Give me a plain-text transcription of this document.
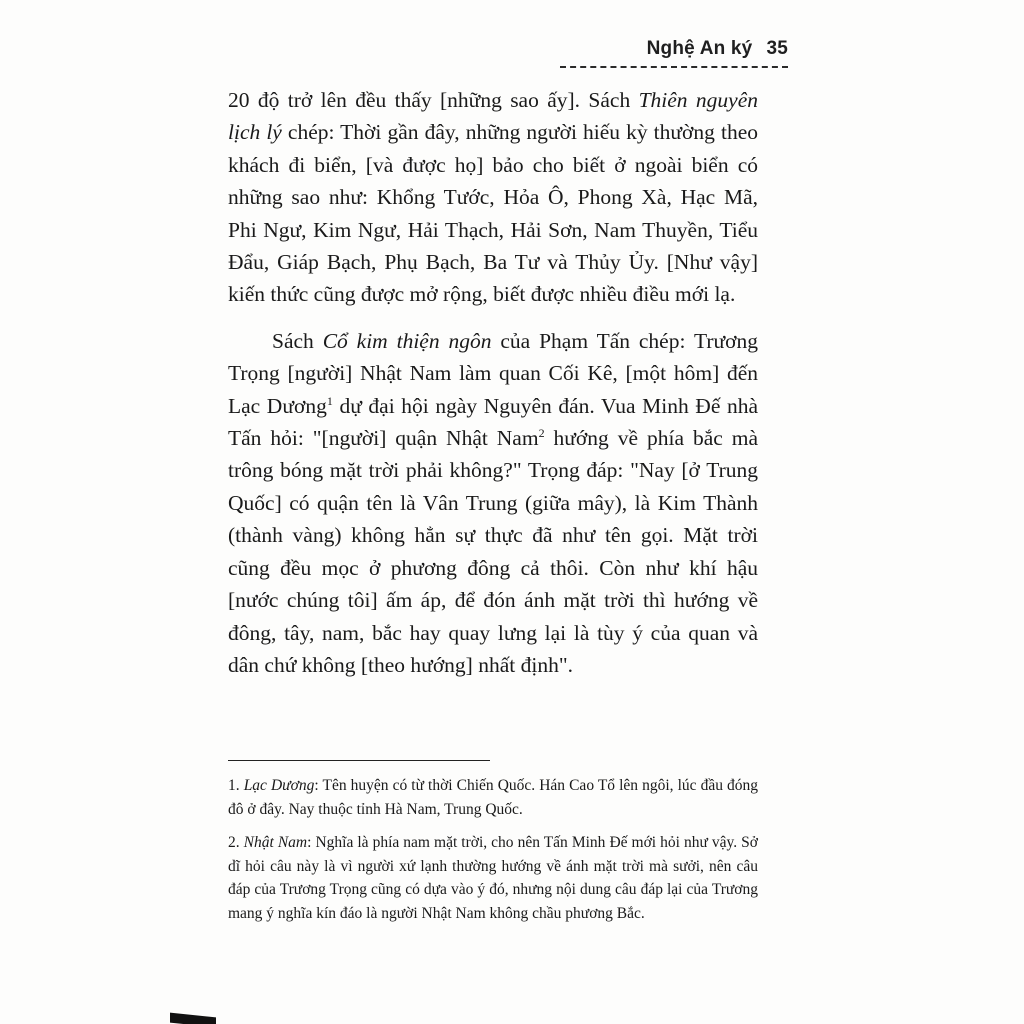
Nghệ An ký 35

20 độ trở lên đều thấy [những sao ấy]. Sách Thiên nguyên lịch lý chép: Thời gần đây, những người hiếu kỳ thường theo khách đi biển, [và được họ] bảo cho biết ở ngoài biển có những sao như: Khổng Tước, Hỏa Ô, Phong Xà, Hạc Mã, Phi Ngư, Kim Ngư, Hải Thạch, Hải Sơn, Nam Thuyền, Tiểu Đẩu, Giáp Bạch, Phụ Bạch, Ba Tư và Thủy Ủy. [Như vậy] kiến thức cũng được mở rộng, biết được nhiều điều mới lạ.

Sách Cổ kim thiện ngôn của Phạm Tấn chép: Trương Trọng [người] Nhật Nam làm quan Cối Kê, [một hôm] đến Lạc Dương$^1$ dự đại hội ngày Nguyên đán. Vua Minh Đế nhà Tấn hỏi: "[người] quận Nhật Nam$^2$ hướng về phía bắc mà trông bóng mặt trời phải không?" Trọng đáp: "Nay [ở Trung Quốc] có quận tên là Vân Trung (giữa mây), là Kim Thành (thành vàng) không hẳn sự thực đã như tên gọi. Mặt trời cũng đều mọc ở phương đông cả thôi. Còn như khí hậu [nước chúng tôi] ấm áp, để đón ánh mặt trời thì hướng về đông, tây, nam, bắc hay quay lưng lại là tùy ý của quan và dân chứ không [theo hướng] nhất định".

1. Lạc Dương: Tên huyện có từ thời Chiến Quốc. Hán Cao Tổ lên ngôi, lúc đầu đóng đô ở đây. Nay thuộc tỉnh Hà Nam, Trung Quốc.

2. Nhật Nam: Nghĩa là phía nam mặt trời, cho nên Tấn Minh Đế mới hỏi như vậy. Sở dĩ hỏi câu này là vì người xứ lạnh thường hướng về ánh mặt trời mà sưởi, nên câu đáp của Trương Trọng cũng có dựa vào ý đó, nhưng nội dung câu đáp lại của Trương mang ý nghĩa kín đáo là người Nhật Nam không chầu phương Bắc.
